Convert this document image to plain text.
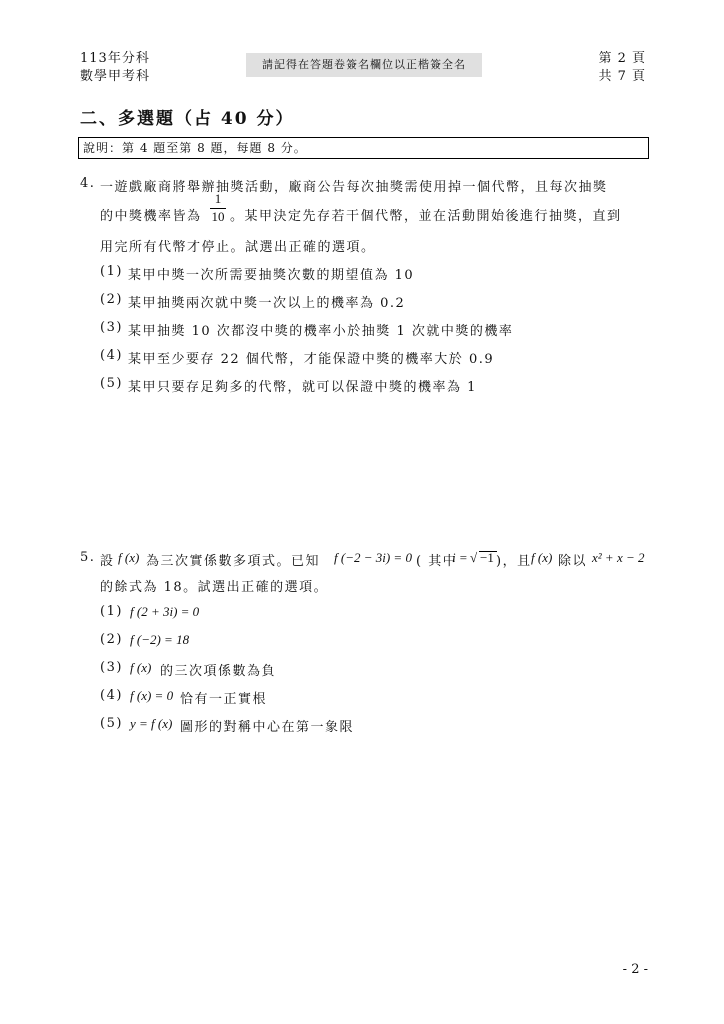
113年分科
數學甲考科
請記得在答題卷簽名欄位以正楷簽全名	第 2 頁
共 7 頁
二、多選題（占 40 分）
說明：第 4 題至第 8 題，每題 8 分。
4. 一遊戲廠商將舉辦抽獎活動，廠商公告每次抽獎需使用掉一個代幣，且每次抽獎
的中獎機率皆為
1
10 。某甲決定先存若干個代幣，並在活動開始後進行抽獎，直到
用完所有代幣才停止。試選出正確的選項。
(1) 某甲中獎一次所需要抽獎次數的期望值為 10
(2) 某甲抽獎兩次就中獎一次以上的機率為 0.2
(3) 某甲抽獎 10 次都沒中獎的機率小於抽獎 1 次就中獎的機率
(4) 某甲至少要存 22 個代幣，才能保證中獎的機率大於 0.9
(5) 某甲只要存足夠多的代幣，就可以保證中獎的機率為 1
5. 設 f (x) 為三次實係數多項式。已知 f (−2 − 3i) = 0 ( 其中
i = √ −1 )，且 f (x) 除以 x² + x − 2
的餘式為 18。試選出正確的選項。
(1) f (2 + 3i) = 0
(2) f (−2) = 18
(3) f (x) 的三次項係數為負
(4) f (x) = 0 恰有一正實根
(5) y = f (x) 圖形的對稱中心在第一象限
- 2 -
